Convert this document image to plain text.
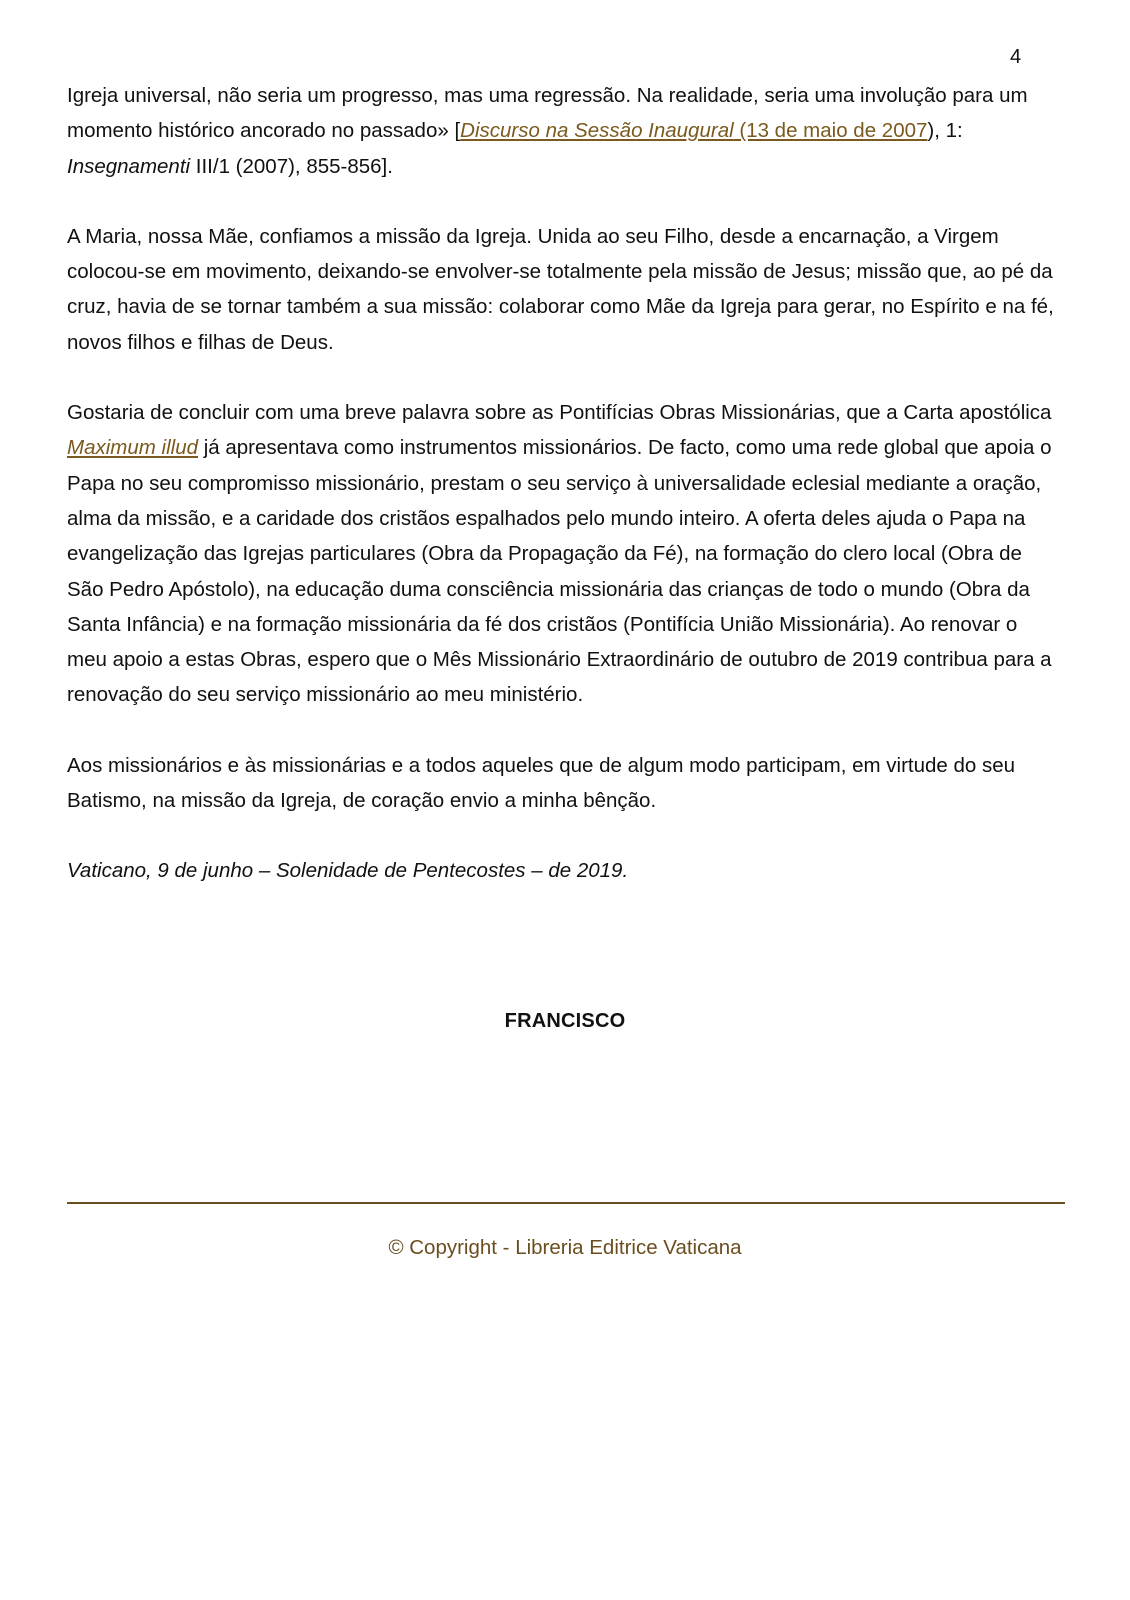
4

Igreja universal, não seria um progresso, mas uma regressão. Na realidade, seria uma involução para um momento histórico ancorado no passado» [Discurso na Sessão Inaugural (13 de maio de 2007), 1: Insegnamenti III/1 (2007), 855-856].

A Maria, nossa Mãe, confiamos a missão da Igreja. Unida ao seu Filho, desde a encarnação, a Virgem colocou-se em movimento, deixando-se envolver-se totalmente pela missão de Jesus; missão que, ao pé da cruz, havia de se tornar também a sua missão: colaborar como Mãe da Igreja para gerar, no Espírito e na fé, novos filhos e filhas de Deus.

Gostaria de concluir com uma breve palavra sobre as Pontifícias Obras Missionárias, que a Carta apostólica Maximum illud já apresentava como instrumentos missionários. De facto, como uma rede global que apoia o Papa no seu compromisso missionário, prestam o seu serviço à universalidade eclesial mediante a oração, alma da missão, e a caridade dos cristãos espalhados pelo mundo inteiro. A oferta deles ajuda o Papa na evangelização das Igrejas particulares (Obra da Propagação da Fé), na formação do clero local (Obra de São Pedro Apóstolo), na educação duma consciência missionária das crianças de todo o mundo (Obra da Santa Infância) e na formação missionária da fé dos cristãos (Pontifícia União Missionária). Ao renovar o meu apoio a estas Obras, espero que o Mês Missionário Extraordinário de outubro de 2019 contribua para a renovação do seu serviço missionário ao meu ministério.

Aos missionários e às missionárias e a todos aqueles que de algum modo participam, em virtude do seu Batismo, na missão da Igreja, de coração envio a minha bênção.

Vaticano, 9 de junho – Solenidade de Pentecostes – de 2019.

FRANCISCO
© Copyright - Libreria Editrice Vaticana
